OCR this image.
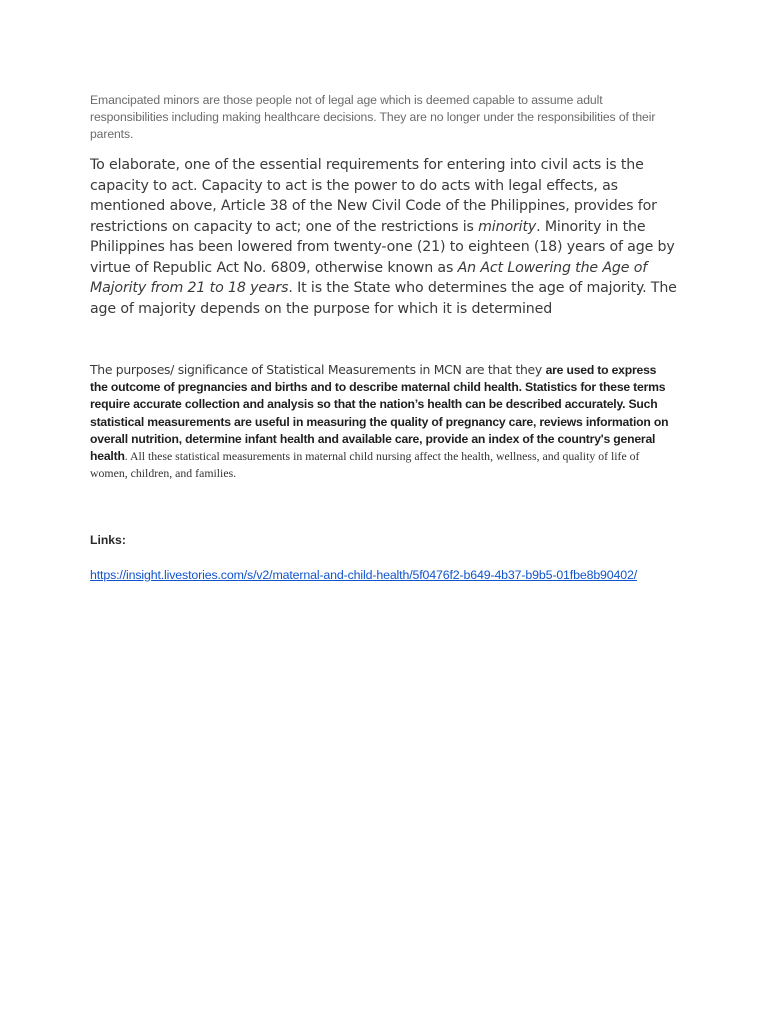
Emancipated minors are those people not of legal age which is deemed capable to assume adult responsibilities including making healthcare decisions. They are no longer under the responsibilities of their parents.

To elaborate, one of the essential requirements for entering into civil acts is the capacity to act. Capacity to act is the power to do acts with legal effects, as mentioned above, Article 38 of the New Civil Code of the Philippines, provides for restrictions on capacity to act; one of the restrictions is minority. Minority in the Philippines has been lowered from twenty-one (21) to eighteen (18) years of age by virtue of Republic Act No. 6809, otherwise known as An Act Lowering the Age of Majority from 21 to 18 years. It is the State who determines the age of majority. The age of majority depends on the purpose for which it is determined

The purposes/ significance of Statistical Measurements in MCN are that they are used to express the outcome of pregnancies and births and to describe maternal child health. Statistics for these terms require accurate collection and analysis so that the nation’s health can be described accurately. Such statistical measurements are useful in measuring the quality of pregnancy care, reviews information on overall nutrition, determine infant health and available care, provide an index of the country's general health. All these statistical measurements in maternal child nursing affect the health, wellness, and quality of life of women, children, and families.

Links:

https://insight.livestories.com/s/v2/maternal-and-child-health/5f0476f2-b649-4b37-b9b5-01fbe8b90402/
